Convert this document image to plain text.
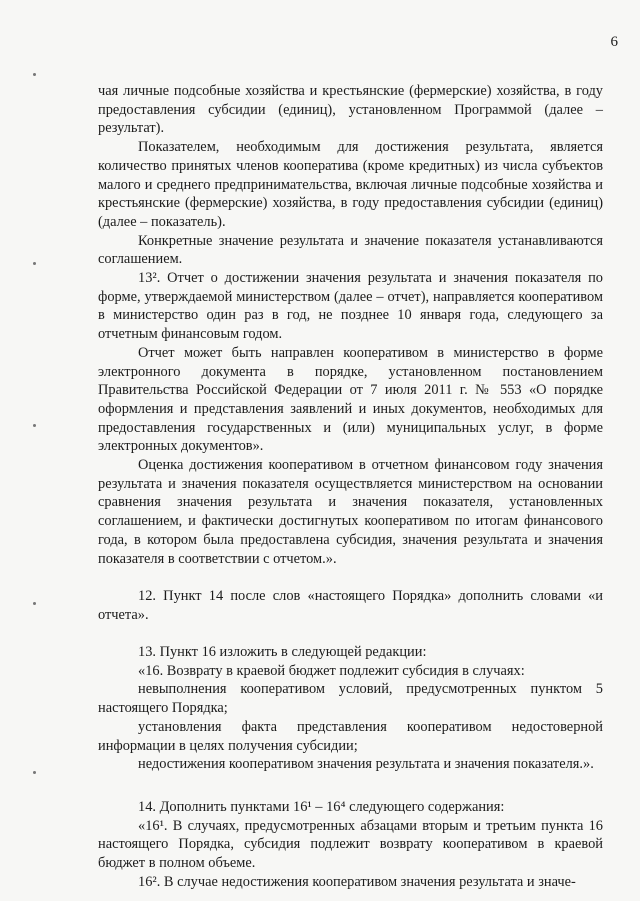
6

чая личные подсобные хозяйства и крестьянские (фермерские) хозяйства, в году предоставления субсидии (единиц), установленном Программой (далее – результат).

Показателем, необходимым для достижения результата, является количество принятых членов кооператива (кроме кредитных) из числа субъектов малого и среднего предпринимательства, включая личные подсобные хозяйства и крестьянские (фермерские) хозяйства, в году предоставления субсидии (единиц) (далее – показатель).

Конкретные значение результата и значение показателя устанавливаются соглашением.

13². Отчет о достижении значения результата и значения показателя по форме, утверждаемой министерством (далее – отчет), направляется кооперативом в министерство один раз в год, не позднее 10 января года, следующего за отчетным финансовым годом.

Отчет может быть направлен кооперативом в министерство в форме электронного документа в порядке, установленном постановлением Правительства Российской Федерации от 7 июля 2011 г. № 553 «О порядке оформления и представления заявлений и иных документов, необходимых для предоставления государственных и (или) муниципальных услуг, в форме электронных документов».

Оценка достижения кооперативом в отчетном финансовом году значения результата и значения показателя осуществляется министерством на основании сравнения значения результата и значения показателя, установленных соглашением, и фактически достигнутых кооперативом по итогам финансового года, в котором была предоставлена субсидия, значения результата и значения показателя в соответствии с отчетом.».

12. Пункт 14 после слов «настоящего Порядка» дополнить словами «и отчета».

13. Пункт 16 изложить в следующей редакции:

«16. Возврату в краевой бюджет подлежит субсидия в случаях:

невыполнения кооперативом условий, предусмотренных пунктом 5 настоящего Порядка;

установления факта представления кооперативом недостоверной информации в целях получения субсидии;

недостижения кооперативом значения результата и значения показателя.».

14. Дополнить пунктами 16¹ – 16⁴ следующего содержания:

«16¹. В случаях, предусмотренных абзацами вторым и третьим пункта 16 настоящего Порядка, субсидия подлежит возврату кооперативом в краевой бюджет в полном объеме.

16². В случае недостижения кооперативом значения результата и значе-
